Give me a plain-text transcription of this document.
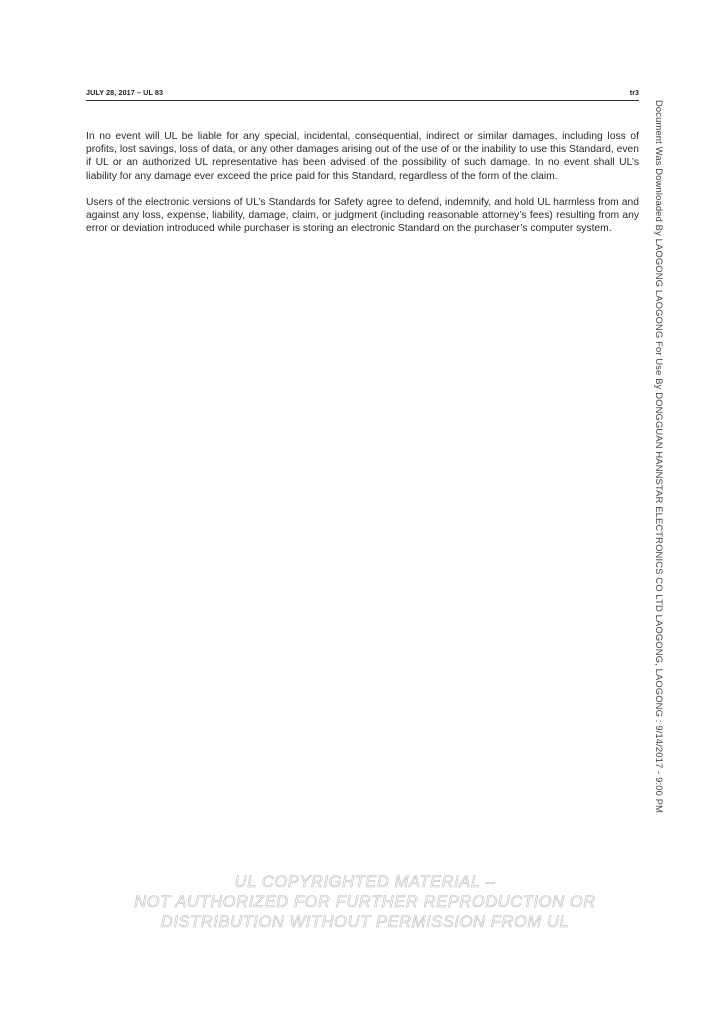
JULY 28, 2017 – UL 83	tr3

In no event will UL be liable for any special, incidental, consequential, indirect or similar damages, including loss of profits, lost savings, loss of data, or any other damages arising out of the use of or the inability to use this Standard, even if UL or an authorized UL representative has been advised of the possibility of such damage. In no event shall UL’s liability for any damage ever exceed the price paid for this Standard, regardless of the form of the claim.

Users of the electronic versions of UL’s Standards for Safety agree to defend, indemnify, and hold UL harmless from and against any loss, expense, liability, damage, claim, or judgment (including reasonable attorney’s fees) resulting from any error or deviation introduced while purchaser is storing an electronic Standard on the purchaser’s computer system.	Document Was Downloaded By LAOGONG LAOGONG For Use By DONGGUAN HANNSTAR ELECTRONICS CO LTD LAOGONG, LAOGONG : 9/14/2017 - 9:00 PM
UL COPYRIGHTED MATERIAL –
NOT AUTHORIZED FOR FURTHER REPRODUCTION OR
DISTRIBUTION WITHOUT PERMISSION FROM UL
